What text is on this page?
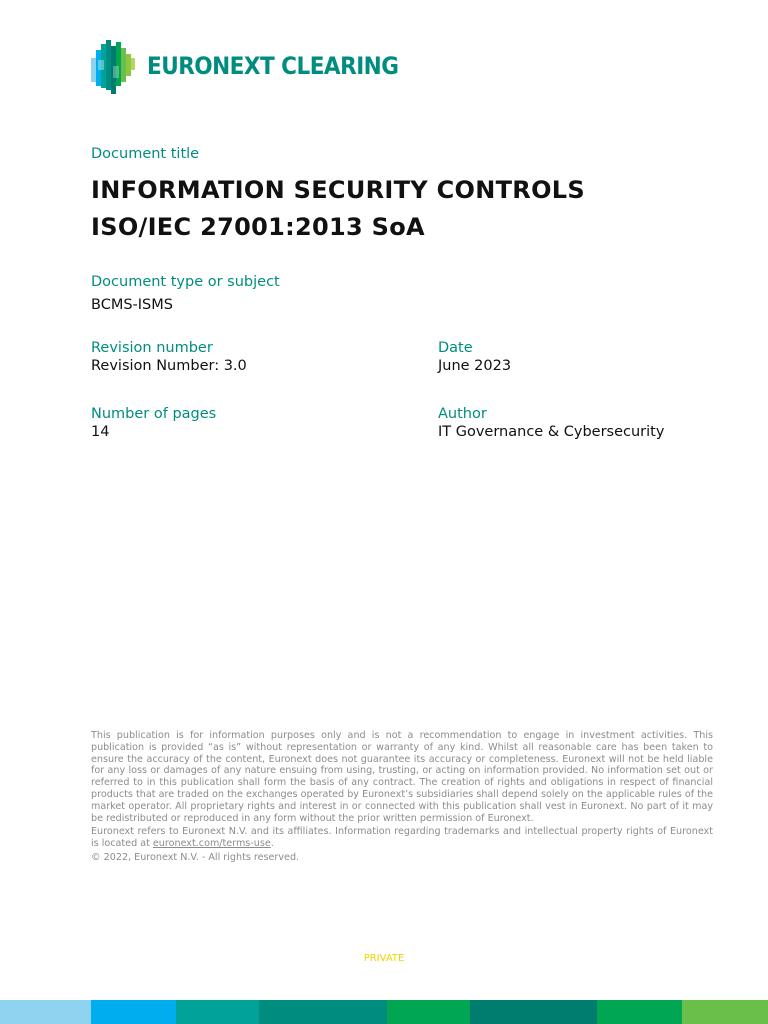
EURONEXT CLEARING
Document title
INFORMATION SECURITY CONTROLS
ISO/IEC 27001:2013 SoA
Document type or subject
BCMS-ISMS
Revision number
Revision Number: 3.0
Date
June 2023
Number of pages
14
Author
IT Governance & Cybersecurity

This publication is for information purposes only and is not a recommendation to engage in investment activities. This publication is provided “as is” without representation or warranty of any kind. Whilst all reasonable care has been taken to ensure the accuracy of the content, Euronext does not guarantee its accuracy or completeness. Euronext will not be held liable for any loss or damages of any nature ensuing from using, trusting, or acting on information provided. No information set out or referred to in this publication shall form the basis of any contract. The creation of rights and obligations in respect of financial products that are traded on the exchanges operated by Euronext’s subsidiaries shall depend solely on the applicable rules of the market operator. All proprietary rights and interest in or connected with this publication shall vest in Euronext. No part of it may be redistributed or reproduced in any form without the prior written permission of Euronext.

Euronext refers to Euronext N.V. and its affiliates. Information regarding trademarks and intellectual property rights of Euronext is located at euronext.com/terms-use.

© 2022, Euronext N.V. - All rights reserved.

PRIVATE
